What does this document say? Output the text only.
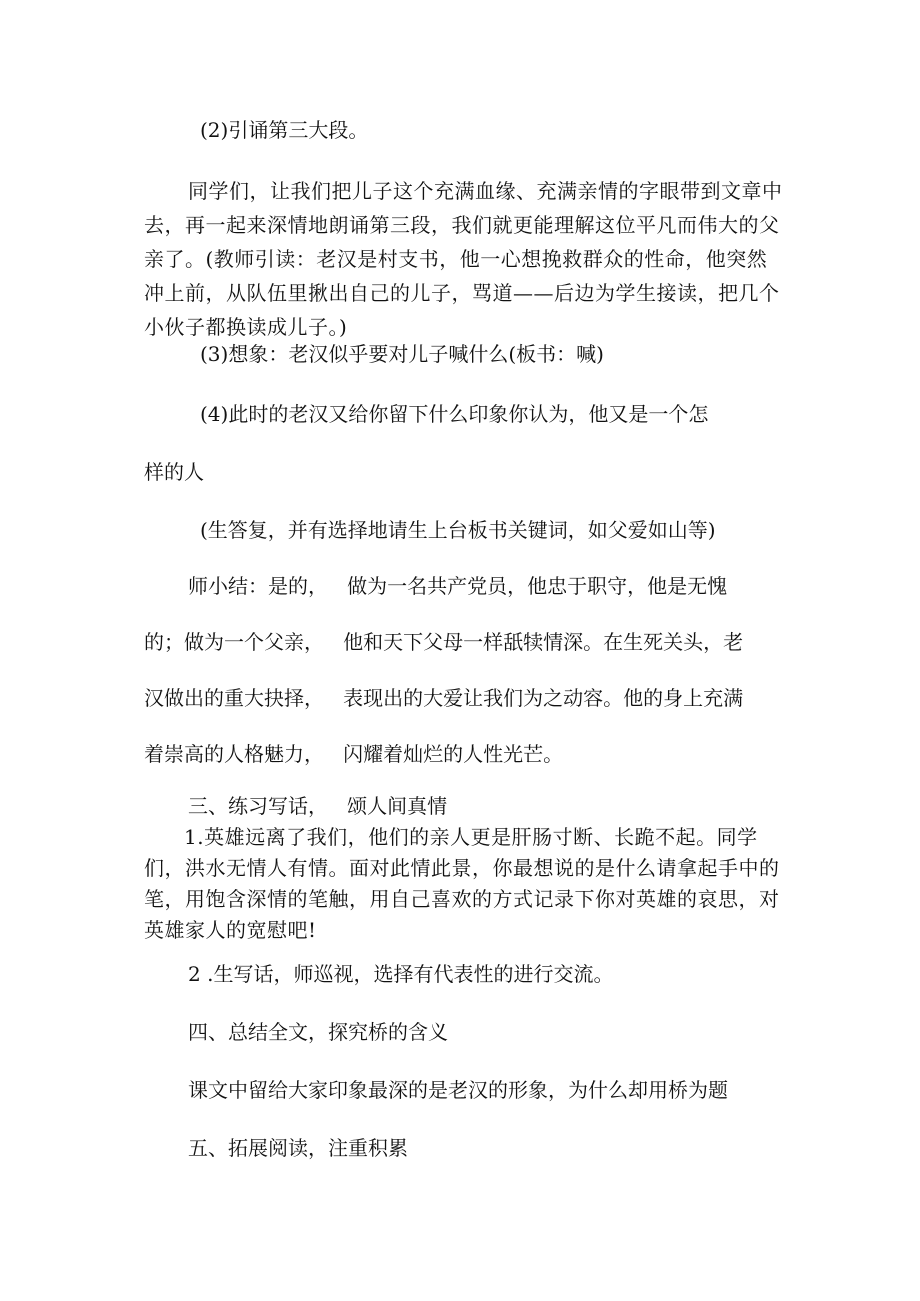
(2)引诵第三大段。

同学们，让我们把儿子这个充满血缘、充满亲情的字眼带到文章中去，再一起来深情地朗诵第三段，我们就更能理解这位平凡而伟大的父亲了。(教师引读：老汉是村支书，他一心想挽救群众的性命，他突然冲上前，从队伍里揪出自己的儿子，骂道——后边为学生接读，把几个小伙子都换读成儿子。)

(3)想象：老汉似乎要对儿子喊什么(板书：喊)

(4)此时的老汉又给你留下什么印象你认为，他又是一个怎

样的人

(生答复，并有选择地请生上台板书关键词，如父爱如山等)

师小结：是的，   做为一名共产党员，他忠于职守，他是无愧

的；做为一个父亲，   他和天下父母一样舐犊情深。在生死关头，老

汉做出的重大抉择，   表现出的大爱让我们为之动容。他的身上充满

着崇高的人格魅力，   闪耀着灿烂的人性光芒。

三、练习写话，   颂人间真情

1.英雄远离了我们，他们的亲人更是肝肠寸断、长跪不起。同学们，洪水无情人有情。面对此情此景，你最想说的是什么请拿起手中的笔，用饱含深情的笔触，用自己喜欢的方式记录下你对英雄的哀思，对英雄家人的宽慰吧!

2 .生写话，师巡视，选择有代表性的进行交流。

四、总结全文，探究桥的含义

课文中留给大家印象最深的是老汉的形象，为什么却用桥为题

五、拓展阅读，注重积累
